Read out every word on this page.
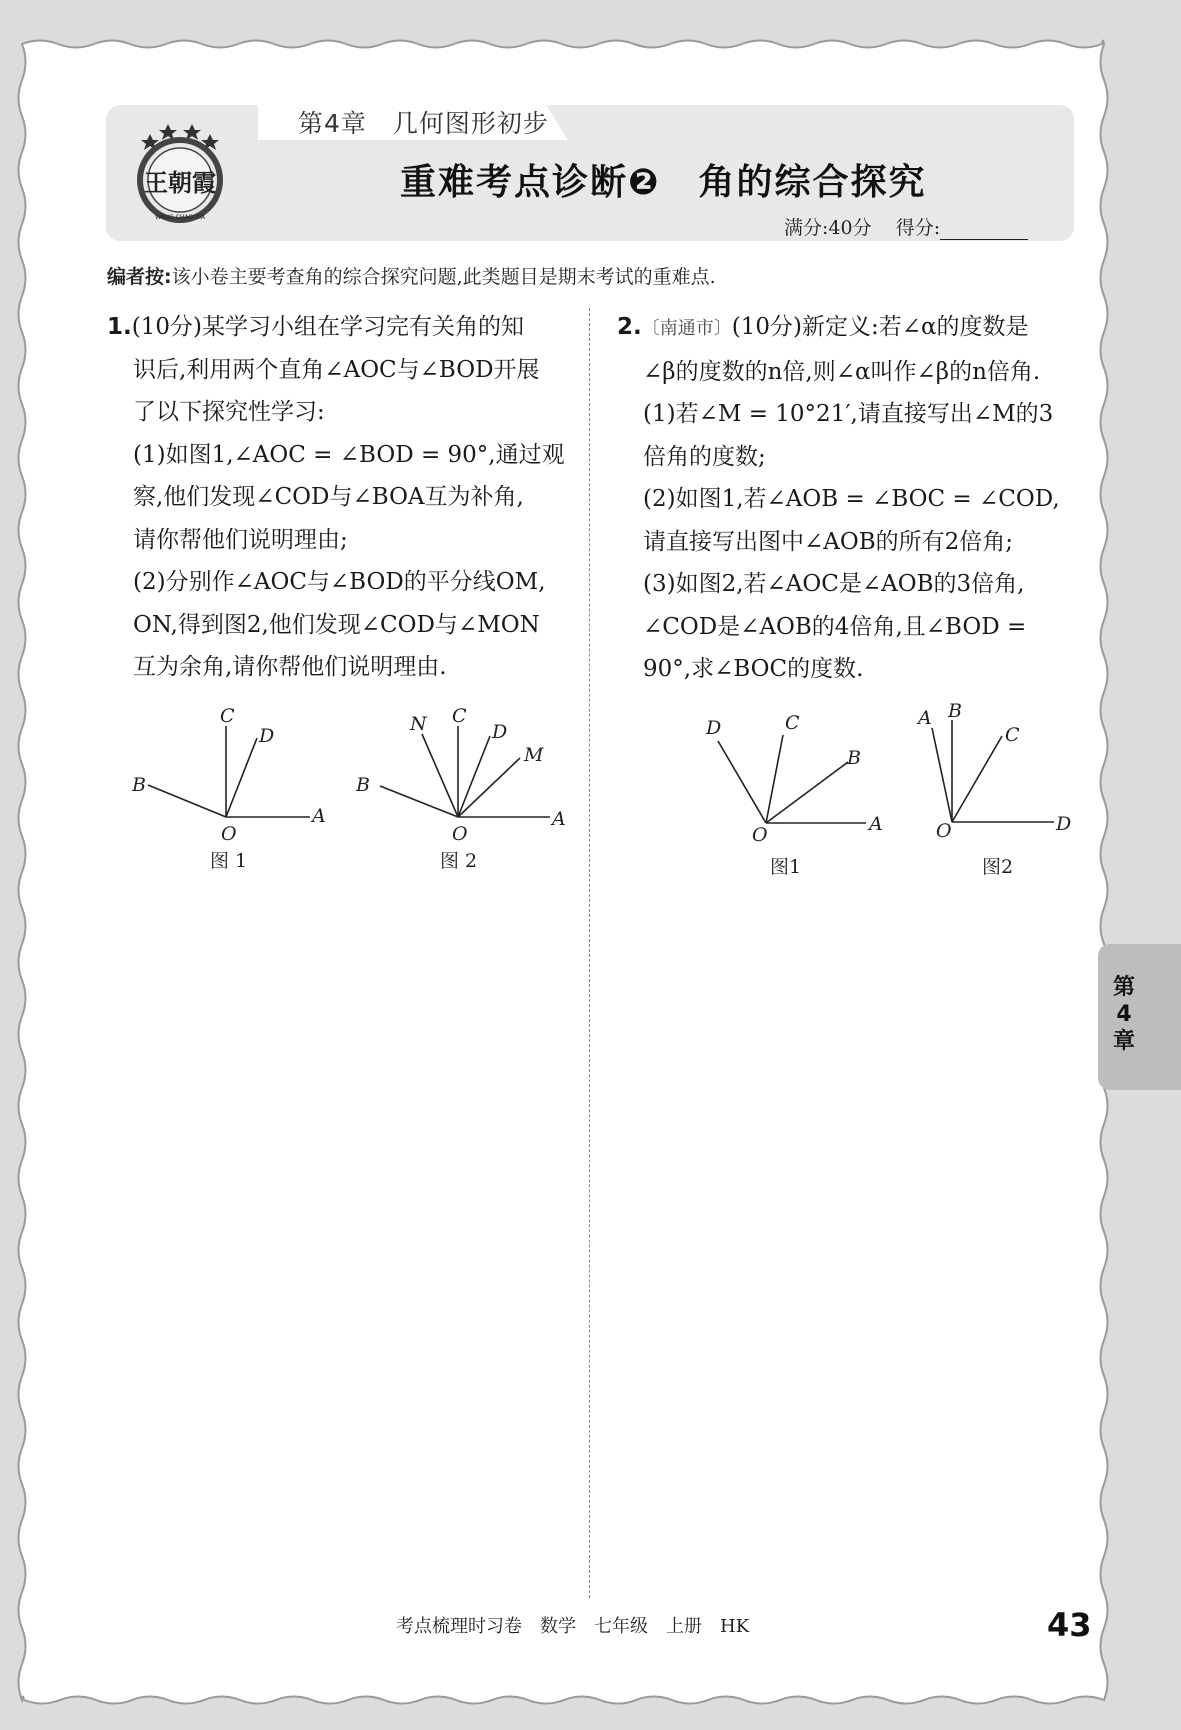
第4章　几何图形初步
王朝霞
WANG CHAO XIA
重难考点诊断❷　角的综合探究
满分:40分 得分:
编者按:该小卷主要考查角的综合探究问题,此类题目是期末考试的重难点.

1.(10分)某学习小组在学习完有关角的知

识后,利用两个直角∠AOC与∠BOD开展

了以下探究性学习:

(1)如图1,∠AOC = ∠BOD = 90°,通过观

察,他们发现∠COD与∠BOA互为补角,

请你帮他们说明理由;

(2)分别作∠AOC与∠BOD的平分线OM,

ON,得到图2,他们发现∠COD与∠MON

互为余角,请你帮他们说明理由.

C
D
B
O
A
图 1
N C
D
M
B
O
A
图 2

2.〔南通市〕(10分)新定义:若∠α的度数是

∠β的度数的n倍,则∠α叫作∠β的n倍角.

(1)若∠M = 10°21′,请直接写出∠M的3

倍角的度数;

(2)如图1,若∠AOB = ∠BOC = ∠COD,

请直接写出图中∠AOB的所有2倍角;

(3)如图2,若∠AOC是∠AOB的3倍角,

∠COD是∠AOB的4倍角,且∠BOD =

90°,求∠BOC的度数.

D	C
B
O	A
图1
A B
C
O	D
图2
第
4
章
考点梳理时习卷　数学　七年级　上册　HK	43
